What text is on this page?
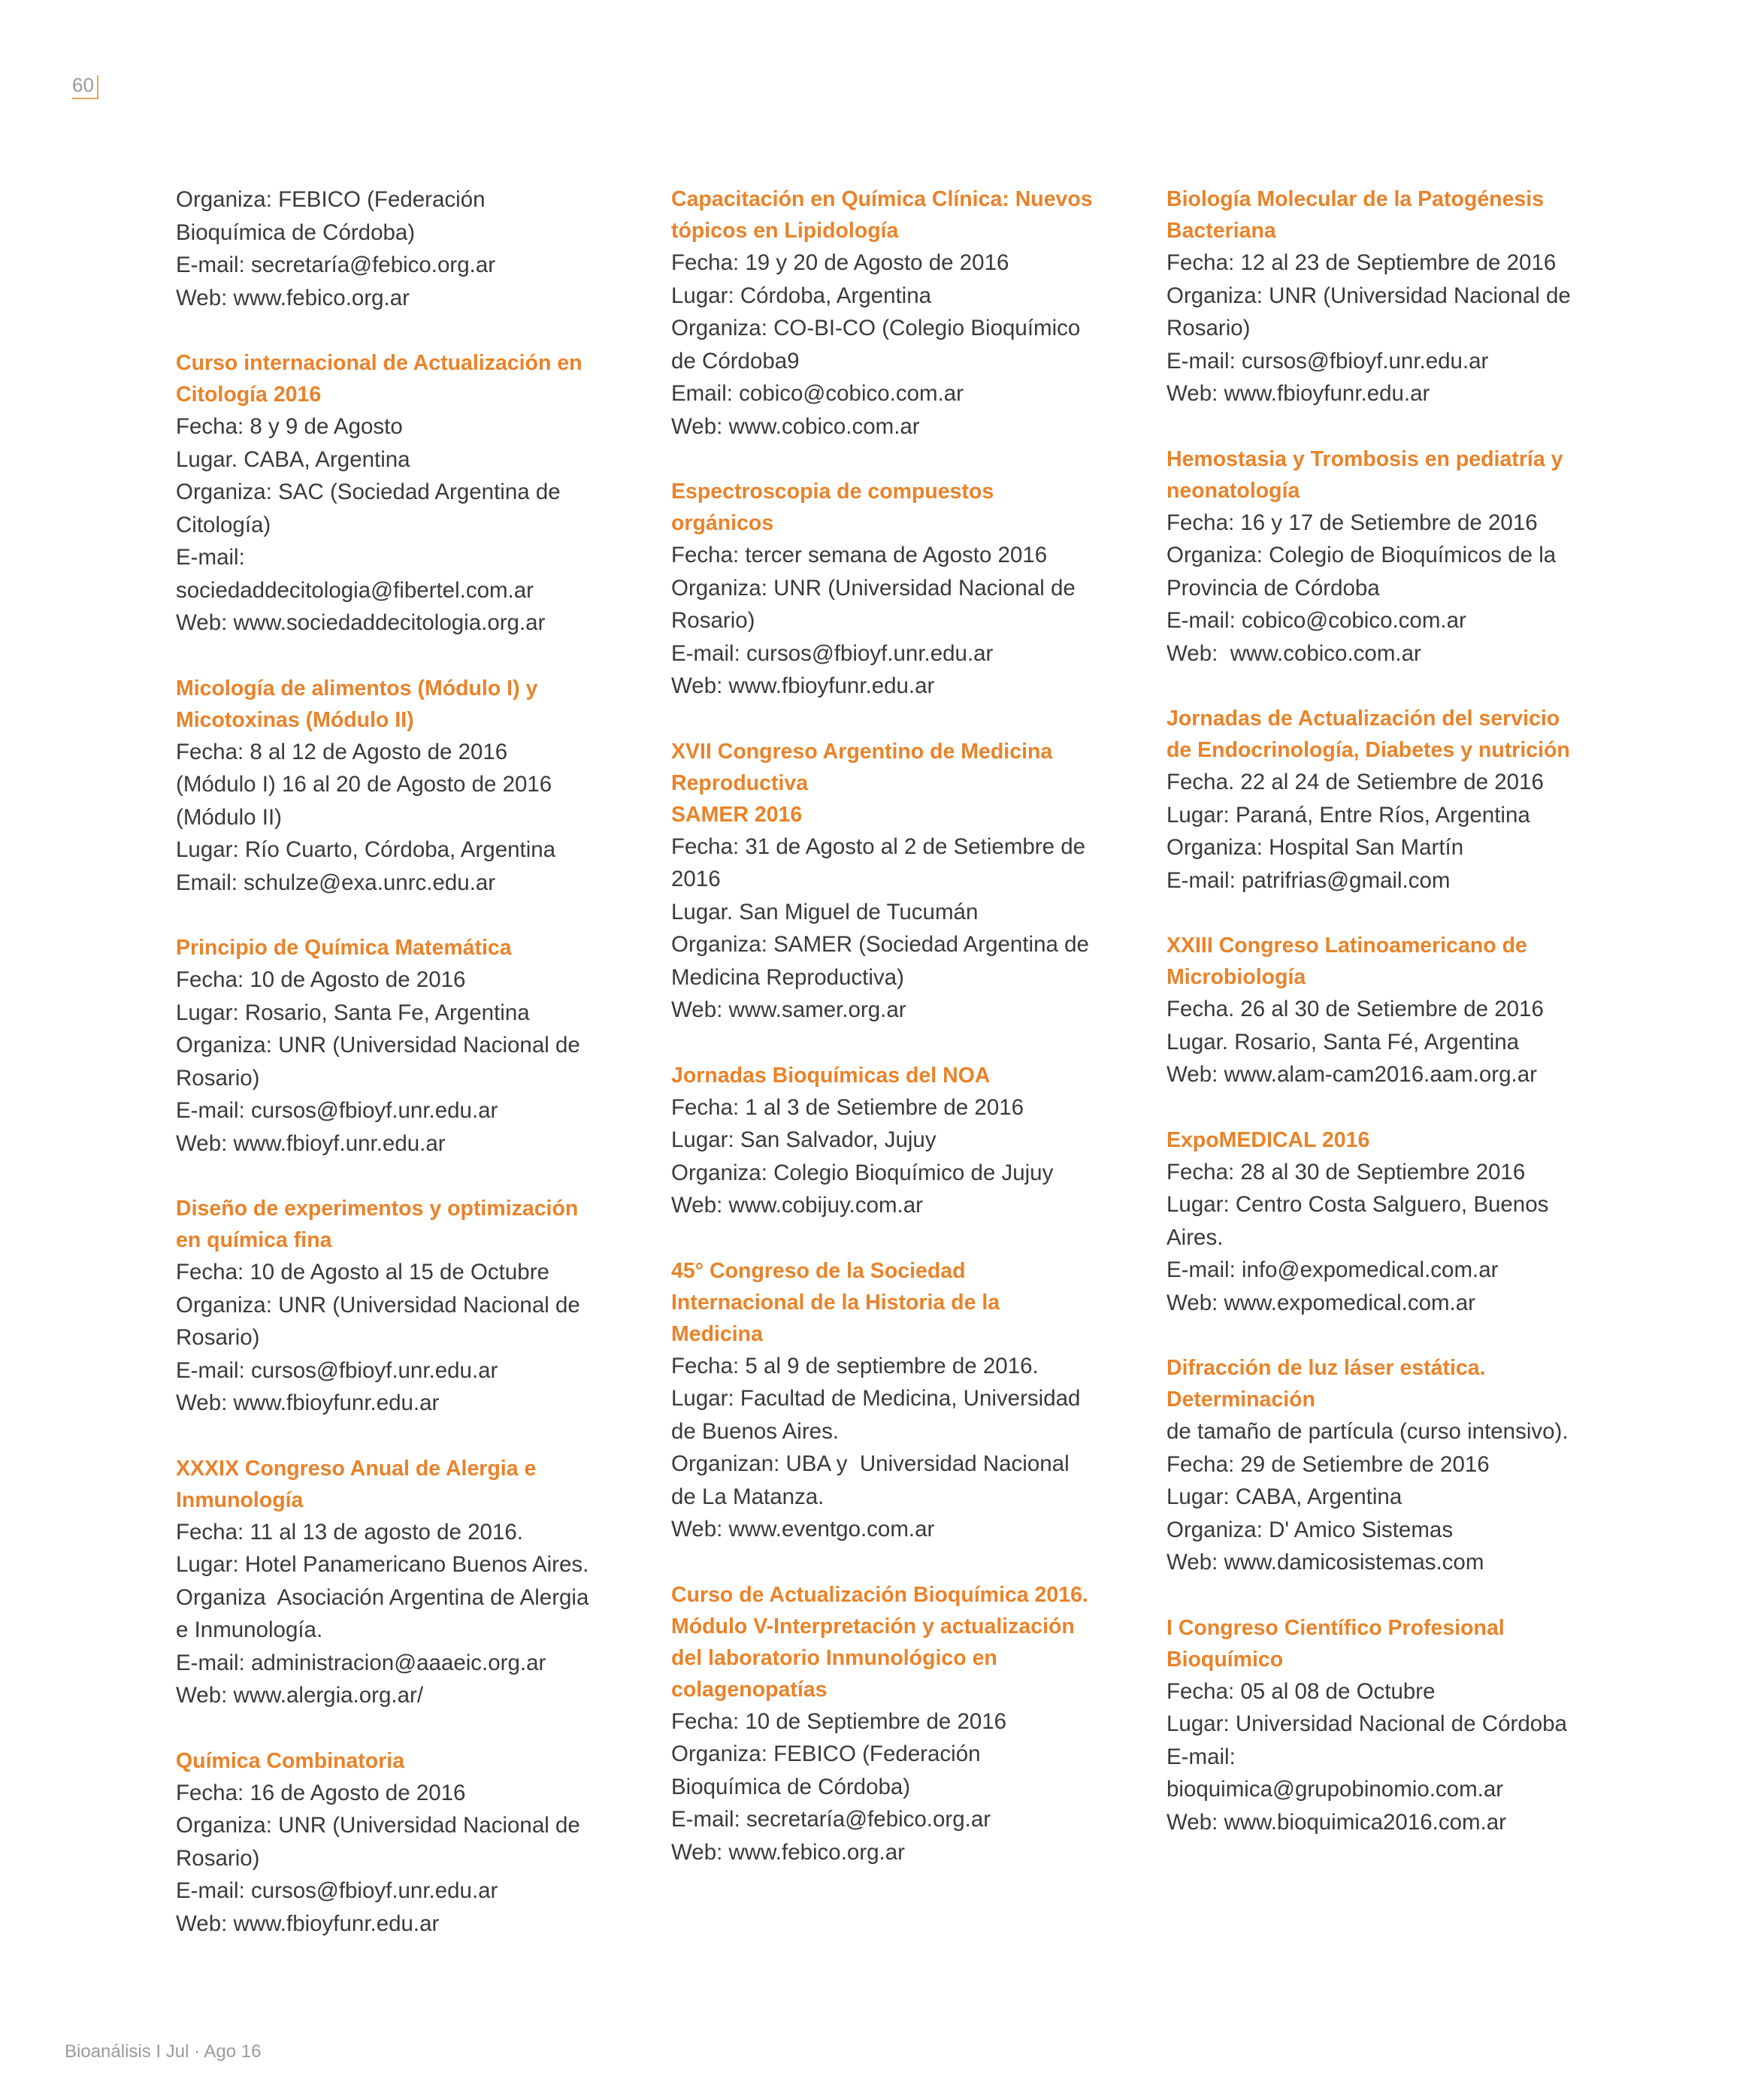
60

Organiza: FEBICO (Federación

Bioquímica de Córdoba)

E-mail: secretaría@febico.org.ar

Web: www.febico.org.ar

Curso internacional de Actualización en

Citología 2016

Fecha: 8 y 9 de Agosto

Lugar. CABA, Argentina

Organiza: SAC (Sociedad Argentina de

Citología)

E-mail:

sociedaddecitologia@fibertel.com.ar

Web: www.sociedaddecitologia.org.ar

Micología de alimentos (Módulo I) y

Micotoxinas (Módulo II)

Fecha: 8 al 12 de Agosto de 2016

(Módulo I) 16 al 20 de Agosto de 2016

(Módulo II)

Lugar: Río Cuarto, Córdoba, Argentina

Email: schulze@exa.unrc.edu.ar

Principio de Química Matemática

Fecha: 10 de Agosto de 2016

Lugar: Rosario, Santa Fe, Argentina

Organiza: UNR (Universidad Nacional de

Rosario)

E-mail: cursos@fbioyf.unr.edu.ar

Web: www.fbioyf.unr.edu.ar

Diseño de experimentos y optimización

en química fina

Fecha: 10 de Agosto al 15 de Octubre

Organiza: UNR (Universidad Nacional de

Rosario)

E-mail: cursos@fbioyf.unr.edu.ar

Web: www.fbioyfunr.edu.ar

XXXIX Congreso Anual de Alergia e

Inmunología

Fecha: 11 al 13 de agosto de 2016.

Lugar: Hotel Panamericano Buenos Aires.

Organiza  Asociación Argentina de Alergia

e Inmunología.

E-mail: administracion@aaaeic.org.ar

Web: www.alergia.org.ar/

Química Combinatoria

Fecha: 16 de Agosto de 2016

Organiza: UNR (Universidad Nacional de

Rosario)

E-mail: cursos@fbioyf.unr.edu.ar

Web: www.fbioyfunr.edu.ar

Capacitación en Química Clínica: Nuevos

tópicos en Lipidología

Fecha: 19 y 20 de Agosto de 2016

Lugar: Córdoba, Argentina

Organiza: CO-BI-CO (Colegio Bioquímico

de Córdoba9

Email: cobico@cobico.com.ar

Web: www.cobico.com.ar

Espectroscopia de compuestos

orgánicos

Fecha: tercer semana de Agosto 2016

Organiza: UNR (Universidad Nacional de

Rosario)

E-mail: cursos@fbioyf.unr.edu.ar

Web: www.fbioyfunr.edu.ar

XVII Congreso Argentino de Medicina

Reproductiva

SAMER 2016

Fecha: 31 de Agosto al 2 de Setiembre de

2016

Lugar. San Miguel de Tucumán

Organiza: SAMER (Sociedad Argentina de

Medicina Reproductiva)

Web: www.samer.org.ar

Jornadas Bioquímicas del NOA

Fecha: 1 al 3 de Setiembre de 2016

Lugar: San Salvador, Jujuy

Organiza: Colegio Bioquímico de Jujuy

Web: www.cobijuy.com.ar

45° Congreso de la Sociedad

Internacional de la Historia de la

Medicina

Fecha: 5 al 9 de septiembre de 2016.

Lugar: Facultad de Medicina, Universidad

de Buenos Aires.

Organizan: UBA y  Universidad Nacional

de La Matanza.

Web: www.eventgo.com.ar

Curso de Actualización Bioquímica 2016.

Módulo V-Interpretación y actualización

del laboratorio Inmunológico en

colagenopatías

Fecha: 10 de Septiembre de 2016

Organiza: FEBICO (Federación

Bioquímica de Córdoba)

E-mail: secretaría@febico.org.ar

Web: www.febico.org.ar

Biología Molecular de la Patogénesis

Bacteriana

Fecha: 12 al 23 de Septiembre de 2016

Organiza: UNR (Universidad Nacional de

Rosario)

E-mail: cursos@fbioyf.unr.edu.ar

Web: www.fbioyfunr.edu.ar

Hemostasia y Trombosis en pediatría y

neonatología

Fecha: 16 y 17 de Setiembre de 2016

Organiza: Colegio de Bioquímicos de la

Provincia de Córdoba

E-mail: cobico@cobico.com.ar

Web:  www.cobico.com.ar

Jornadas de Actualización del servicio

de Endocrinología, Diabetes y nutrición

Fecha. 22 al 24 de Setiembre de 2016

Lugar: Paraná, Entre Ríos, Argentina

Organiza: Hospital San Martín

E-mail: patrifrias@gmail.com

XXIII Congreso Latinoamericano de

Microbiología

Fecha. 26 al 30 de Setiembre de 2016

Lugar. Rosario, Santa Fé, Argentina

Web: www.alam-cam2016.aam.org.ar

ExpoMEDICAL 2016

Fecha: 28 al 30 de Septiembre 2016

Lugar: Centro Costa Salguero, Buenos

Aires.

E-mail: info@expomedical.com.ar

Web: www.expomedical.com.ar

Difracción de luz láser estática.

Determinación

de tamaño de partícula (curso intensivo).

Fecha: 29 de Setiembre de 2016

Lugar: CABA, Argentina

Organiza: D' Amico Sistemas

Web: www.damicosistemas.com

I Congreso Científico Profesional

Bioquímico

Fecha: 05 al 08 de Octubre

Lugar: Universidad Nacional de Córdoba

E-mail:

bioquimica@grupobinomio.com.ar

Web: www.bioquimica2016.com.ar

Bioanálisis I Jul · Ago 16
